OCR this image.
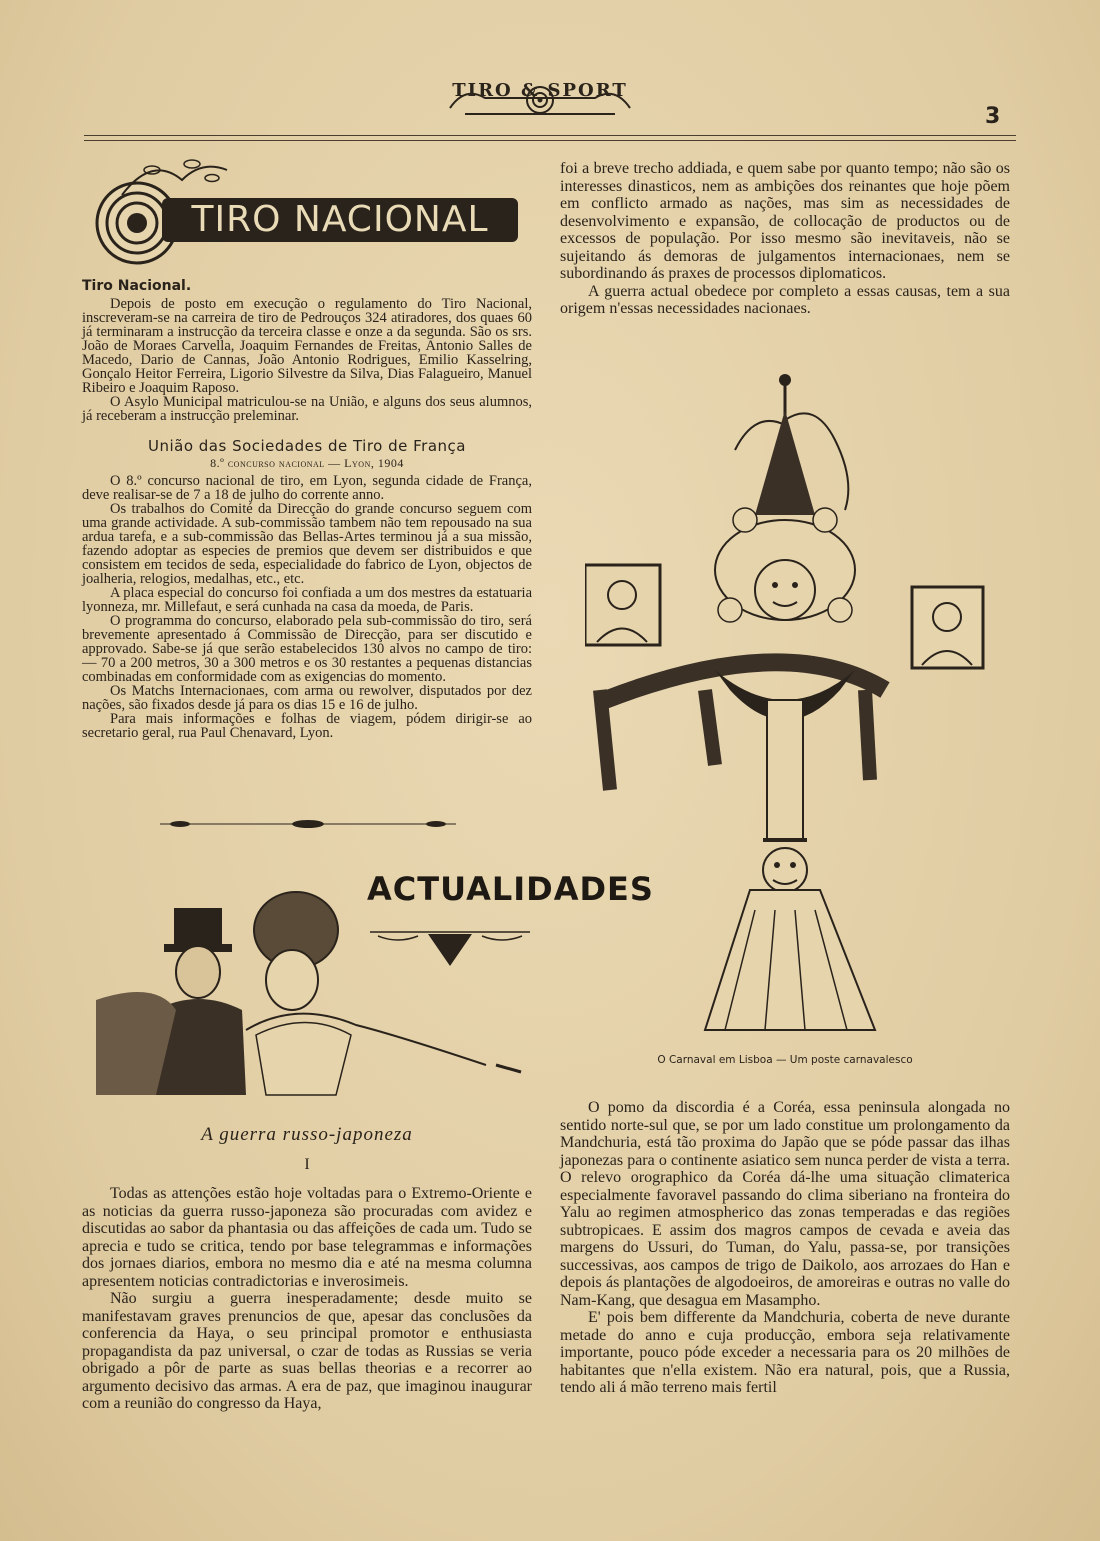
TIRO & SPORT
3
TIRO NACIONAL
Tiro Nacional.

Depois de posto em execução o regulamento do Tiro Nacional, inscreveram-se na carreira de tiro de Pedrouços 324 atiradores, dos quaes 60 já terminaram a instrucção da terceira classe e onze a da segunda. São os srs. João de Moraes Carvella, Joaquim Fernandes de Freitas, Antonio Salles de Macedo, Dario de Cannas, João Antonio Rodrigues, Emilio Kasselring, Gonçalo Heitor Ferreira, Ligorio Silvestre da Silva, Dias Falagueiro, Manuel Ribeiro e Joaquim Raposo.

O Asylo Municipal matriculou-se na União, e alguns dos seus alumnos, já receberam a instrucção preleminar.

União das Sociedades de Tiro de França
8.º concurso nacional — Lyon, 1904

O 8.º concurso nacional de tiro, em Lyon, segunda cidade de França, deve realisar-se de 7 a 18 de julho do corrente anno.

Os trabalhos do Comité da Direcção do grande concurso seguem com uma grande actividade. A sub-commissão tambem não tem repousado na sua ardua tarefa, e a sub-commissão das Bellas-Artes terminou já a sua missão, fazendo adoptar as especies de premios que devem ser distribuidos e que consistem em tecidos de seda, especialidade do fabrico de Lyon, objectos de joalheria, relogios, medalhas, etc., etc.

A placa especial do concurso foi confiada a um dos mestres da estatuaria lyonneza, mr. Millefaut, e será cunhada na casa da moeda, de Paris.

O programma do concurso, elaborado pela sub-commissão do tiro, será brevemente apresentado á Commissão de Direcção, para ser discutido e approvado. Sabe-se já que serão estabelecidos 130 alvos no campo de tiro: — 70 a 200 metros, 30 a 300 metros e os 30 restantes a pequenas distancias combinadas em conformidade com as exigencias do momento.

Os Matchs Internacionaes, com arma ou rewolver, disputados por dez nações, são fixados desde já para os dias 15 e 16 de julho.

Para mais informações e folhas de viagem, pódem dirigir-se ao secretario geral, rua Paul Chenavard, Lyon.

ACTUALIDADES
A guerra russo-japoneza
I

Todas as attenções estão hoje voltadas para o Extremo-Oriente e as noticias da guerra russo-japoneza são procuradas com avidez e discutidas ao sabor da phantasia ou das affeições de cada um. Tudo se aprecia e tudo se critica, tendo por base telegrammas e informações dos jornaes diarios, embora no mesmo dia e até na mesma columna apresentem noticias contradictorias e inverosimeis.

Não surgiu a guerra inesperadamente; desde muito se manifestavam graves prenuncios de que, apesar das conclusões da conferencia da Haya, o seu principal promotor e enthusiasta propagandista da paz universal, o czar de todas as Russias se veria obrigado a pôr de parte as suas bellas theorias e a recorrer ao argumento decisivo das armas. A era de paz, que imaginou inaugurar com a reunião do congresso da Haya,

foi a breve trecho addiada, e quem sabe por quanto tempo; não são os interesses dinasticos, nem as ambições dos reinantes que hoje põem em conflicto armado as nações, mas sim as necessidades de desenvolvimento e expansão, de collocação de productos ou de excessos de população. Por isso mesmo são inevitaveis, não se sujeitando ás demoras de julgamentos internacionaes, nem se subordinando ás praxes de processos diplomaticos.

A guerra actual obedece por completo a essas causas, tem a sua origem n'essas necessidades nacionaes.

O Carnaval em Lisboa — Um poste carnavalesco

O pomo da discordia é a Coréa, essa peninsula alongada no sentido norte-sul que, se por um lado constitue um prolongamento da Mandchuria, está tão proxima do Japão que se póde passar das ilhas japonezas para o continente asiatico sem nunca perder de vista a terra. O relevo orographico da Coréa dá-lhe uma situação climaterica especialmente favoravel passando do clima siberiano na fronteira do Yalu ao regimen atmospherico das zonas temperadas e das regiões subtropicaes. E assim dos magros campos de cevada e aveia das margens do Ussuri, do Tuman, do Yalu, passa-se, por transições successivas, aos campos de trigo de Daikolo, aos arrozaes do Han e depois ás plantações de algodoeiros, de amoreiras e outras no valle do Nam-Kang, que desagua em Masampho.

E' pois bem differente da Mandchuria, coberta de neve durante metade do anno e cuja producção, embora seja relativamente importante, pouco póde exceder a necessaria para os 20 milhões de habitantes que n'ella existem. Não era natural, pois, que a Russia, tendo ali á mão terreno mais fertil
